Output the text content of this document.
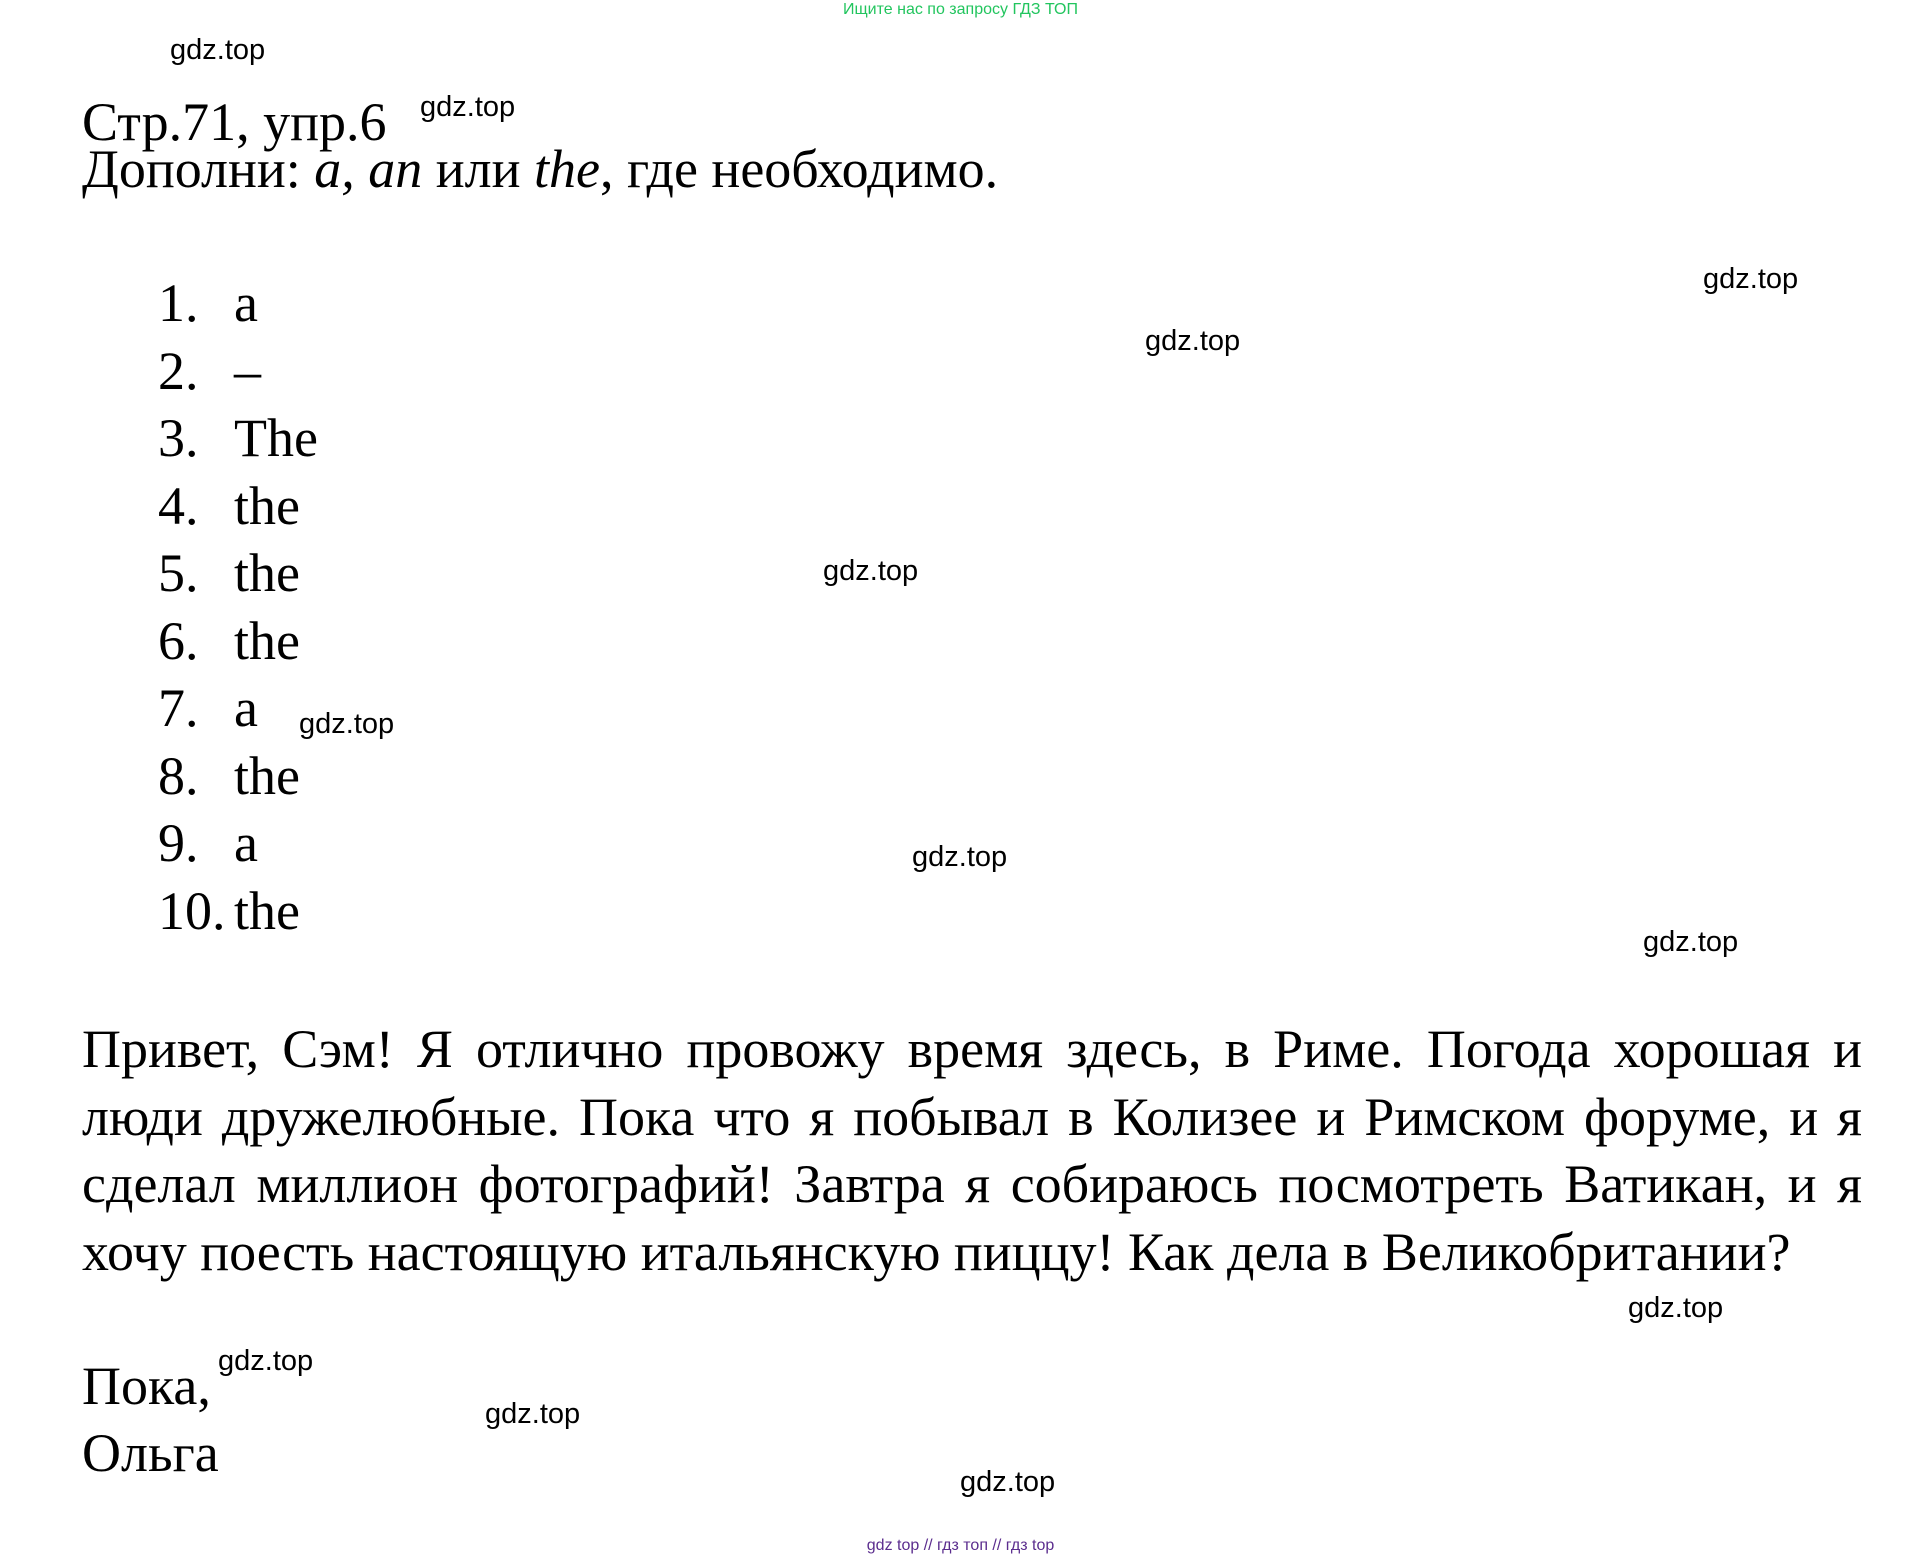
Ищите нас по запросу ГДЗ ТОП
Стр.71, упр.6
Дополни: a, an или the, где необходимо.
1. a
2. –
3. The
4. the
5. the
6. the
7. a
8. the
9. a
10. the
Привет, Сэм! Я отлично провожу время здесь, в Риме. Погода хорошая и люди дружелюбные. Пока что я побывал в Колизее и Римском форуме, и я сделал миллион фотографий! Завтра я собираюсь посмотреть Ватикан, и я хочу поесть настоящую итальянскую пиццу! Как дела в Великобритании?
Пока,
Ольга
gdz.top
gdz.top
gdz.top
gdz.top
gdz.top
gdz.top
gdz.top
gdz.top
gdz.top
gdz.top
gdz.top
gdz.top
gdz top // гдз топ // гдз top
